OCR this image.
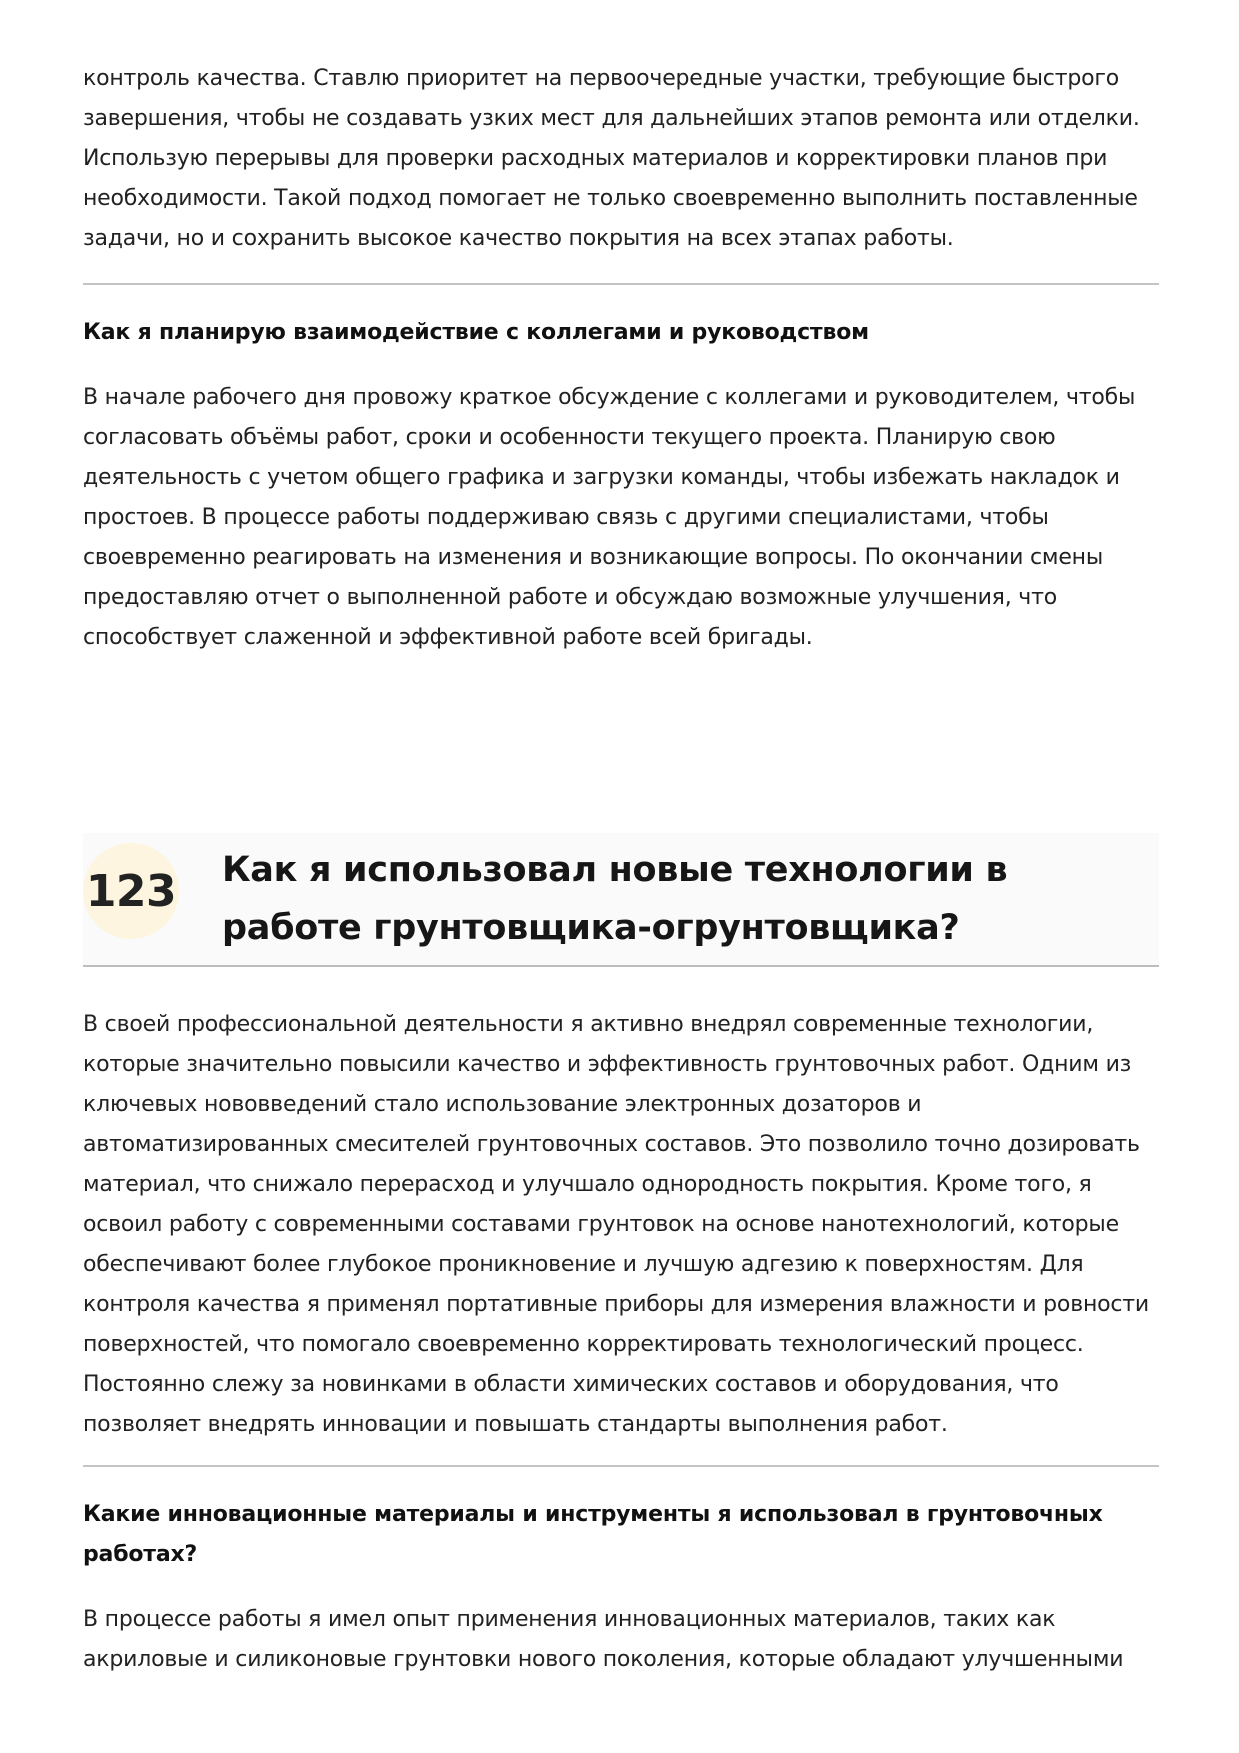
контроль качества. Ставлю приоритет на первоочередные участки, требующие быстрого завершения, чтобы не создавать узких мест для дальнейших этапов ремонта или отделки. Использую перерывы для проверки расходных материалов и корректировки планов при необходимости. Такой подход помогает не только своевременно выполнить поставленные задачи, но и сохранить высокое качество покрытия на всех этапах работы.

Как я планирую взаимодействие с коллегами и руководством

В начале рабочего дня провожу краткое обсуждение с коллегами и руководителем, чтобы согласовать объёмы работ, сроки и особенности текущего проекта. Планирую свою деятельность с учетом общего графика и загрузки команды, чтобы избежать накладок и простоев. В процессе работы поддерживаю связь с другими специалистами, чтобы своевременно реагировать на изменения и возникающие вопросы. По окончании смены предоставляю отчет о выполненной работе и обсуждаю возможные улучшения, что способствует слаженной и эффективной работе всей бригады.

123 Как я использовал новые технологии в работе грунтовщика-огрунтовщика?

В своей профессиональной деятельности я активно внедрял современные технологии, которые значительно повысили качество и эффективность грунтовочных работ. Одним из ключевых нововведений стало использование электронных дозаторов и автоматизированных смесителей грунтовочных составов. Это позволило точно дозировать материал, что снижало перерасход и улучшало однородность покрытия. Кроме того, я освоил работу с современными составами грунтовок на основе нанотехнологий, которые обеспечивают более глубокое проникновение и лучшую адгезию к поверхностям. Для контроля качества я применял портативные приборы для измерения влажности и ровности поверхностей, что помогало своевременно корректировать технологический процесс. Постоянно слежу за новинками в области химических составов и оборудования, что позволяет внедрять инновации и повышать стандарты выполнения работ.

Какие инновационные материалы и инструменты я использовал в грунтовочных работах?

В процессе работы я имел опыт применения инновационных материалов, таких как акриловые и силиконовые грунтовки нового поколения, которые обладают улучшенными
